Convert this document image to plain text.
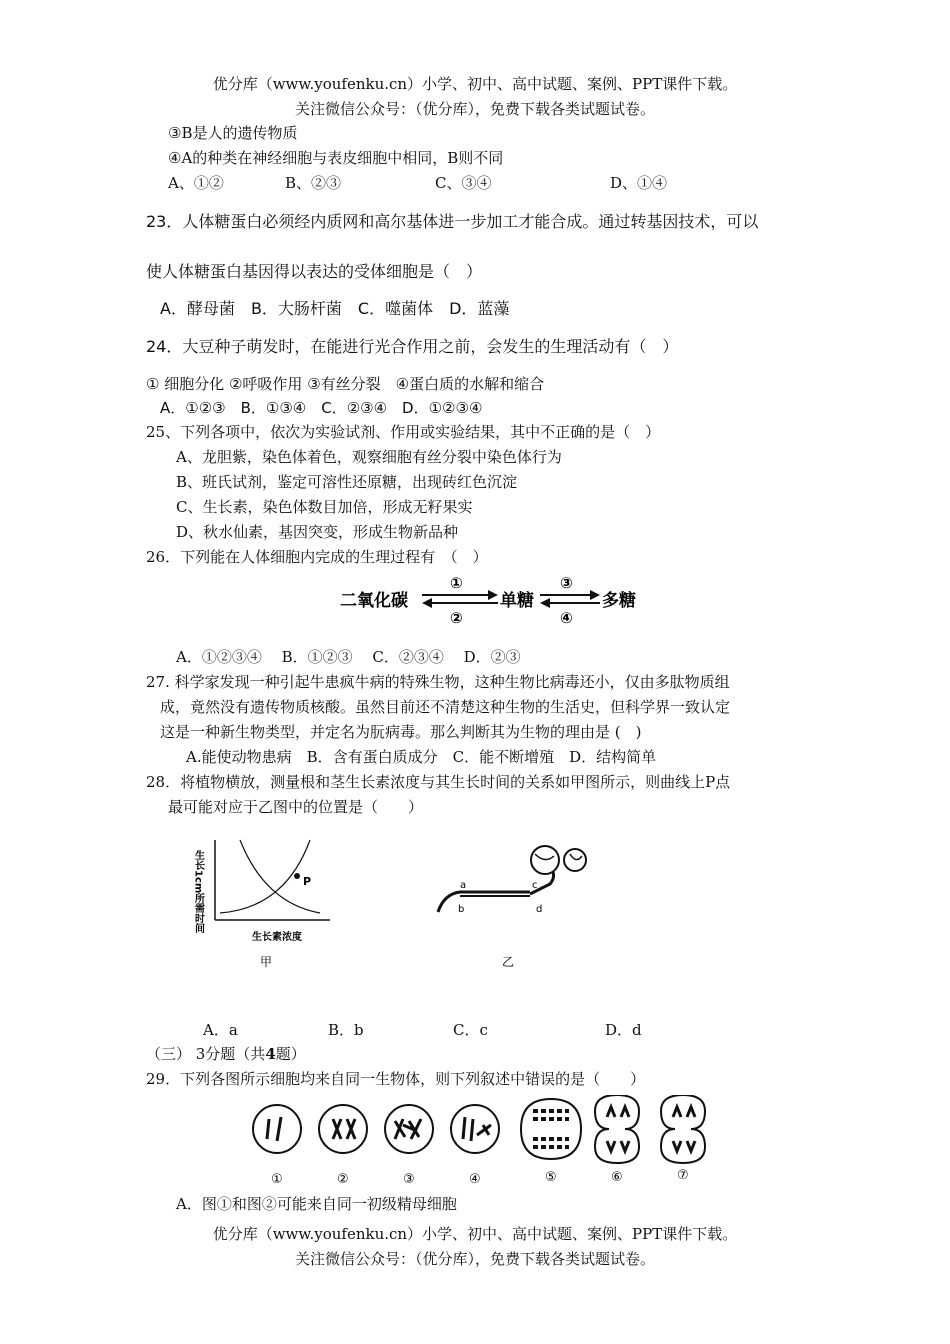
优分库（www.youfenku.cn）小学、初中、高中试题、案例、PPT课件下载。
关注微信公众号：（优分库），免费下载各类试题试卷。
③B是人的遗传物质
④A的种类在神经细胞与表皮细胞中相同，B则不同
A、①②	B、②③	C、③④	D、①④
23．人体糖蛋白必须经内质网和高尔基体进一步加工才能合成。通过转基因技术，可以
使人体糖蛋白基因得以表达的受体细胞是（　）
A．酵母菌　B．大肠杆菌　C．噬菌体　D．蓝藻
24．大豆种子萌发时，在能进行光合作用之前，会发生的生理活动有（　）
① 细胞分化 ②呼吸作用 ③有丝分裂　④蛋白质的水解和缩合
A．①②③　B．①③④　C．②③④　D．①②③④
25、下列各项中，依次为实验试剂、作用或实验结果，其中不正确的是（　）
A、龙胆紫，染色体着色，观察细胞有丝分裂中染色体行为
B、班氏试剂，鉴定可溶性还原糖，出现砖红色沉淀
C、生长素，染色体数目加倍，形成无籽果实
D、秋水仙素，基因突变，形成生物新品种
26．下列能在人体细胞内完成的生理过程有　（　）
二氧化碳
①
②
单糖
③
④
多糖
A．①②③④　 B．①②③　 C．②③④　 D．②③
27. 科学家发现一种引起牛患疯牛病的特殊生物，这种生物比病毒还小，仅由多肽物质组
成，竟然没有遗传物质核酸。虽然目前还不清楚这种生物的生活史，但科学界一致认定
这是一种新生物类型，并定名为朊病毒。那么判断其为生物的理由是 (　)
A.能使动物患病　B．含有蛋白质成分　C．能不断增殖　D．结构简单
28．将植物横放，测量根和茎生长素浓度与其生长时间的关系如甲图所示，则曲线上P点
最可能对应于乙图中的位置是（　　）
生长1cm所需时间	P
生长素浓度
甲
a
b
c
d
乙
A．a	B．b	C．c	D．d
（三） 3分题（共4题）
29．下列各图所示细胞均来自同一生物体，则下列叙述中错误的是（　　）
①	②	③	④	⑤	⑥	⑦
A．图①和图②可能来自同一初级精母细胞
优分库（www.youfenku.cn）小学、初中、高中试题、案例、PPT课件下载。
关注微信公众号：（优分库），免费下载各类试题试卷。
